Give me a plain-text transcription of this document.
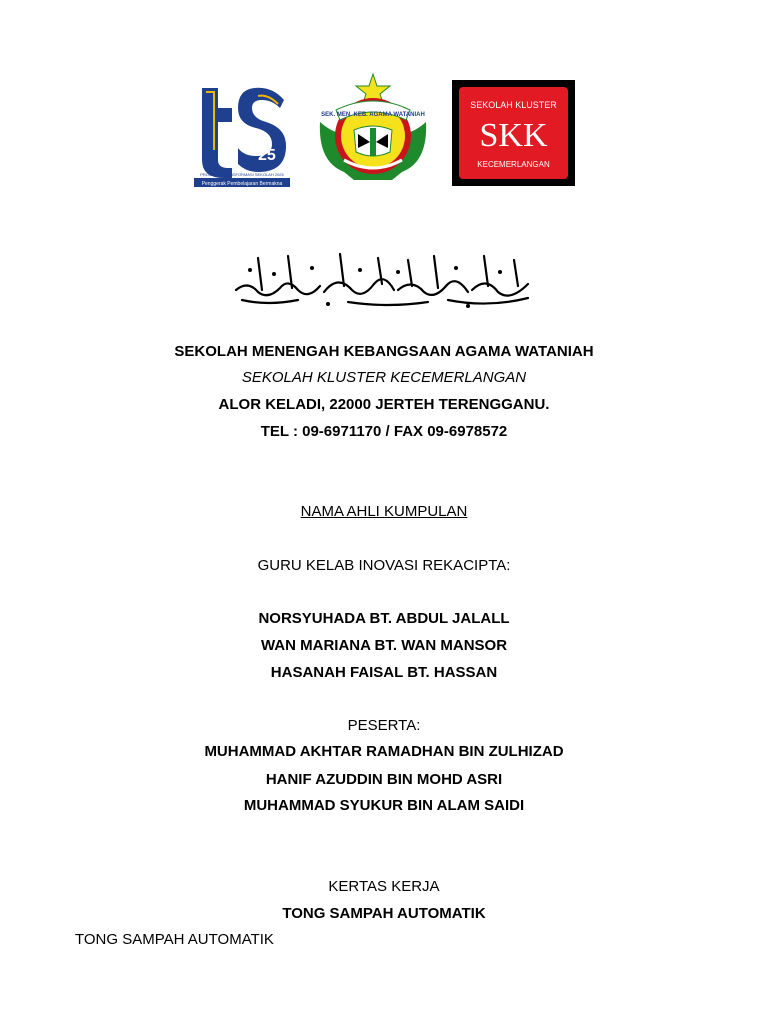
25
PROGRAM TRANSFORMASI SEKOLAH 2025
Penggerak Pembelajaran Bermakna
SEK. MEN. KEB. AGAMA WATANIAH
SEKOLAH KLUSTER
SKK
KECEMERLANGAN
SEKOLAH MENENGAH KEBANGSAAN AGAMA WATANIAH
SEKOLAH KLUSTER KECEMERLANGAN
ALOR KELADI, 22000 JERTEH TERENGGANU.
TEL : 09-6971170 / FAX 09-6978572
NAMA AHLI KUMPULAN
GURU KELAB INOVASI REKACIPTA:
NORSYUHADA BT. ABDUL JALALL
WAN MARIANA BT. WAN MANSOR
HASANAH FAISAL BT. HASSAN
PESERTA:
MUHAMMAD AKHTAR RAMADHAN BIN ZULHIZAD
HANIF AZUDDIN BIN MOHD ASRI
MUHAMMAD SYUKUR BIN ALAM SAIDI
KERTAS KERJA
TONG SAMPAH AUTOMATIK
TONG SAMPAH AUTOMATIK
